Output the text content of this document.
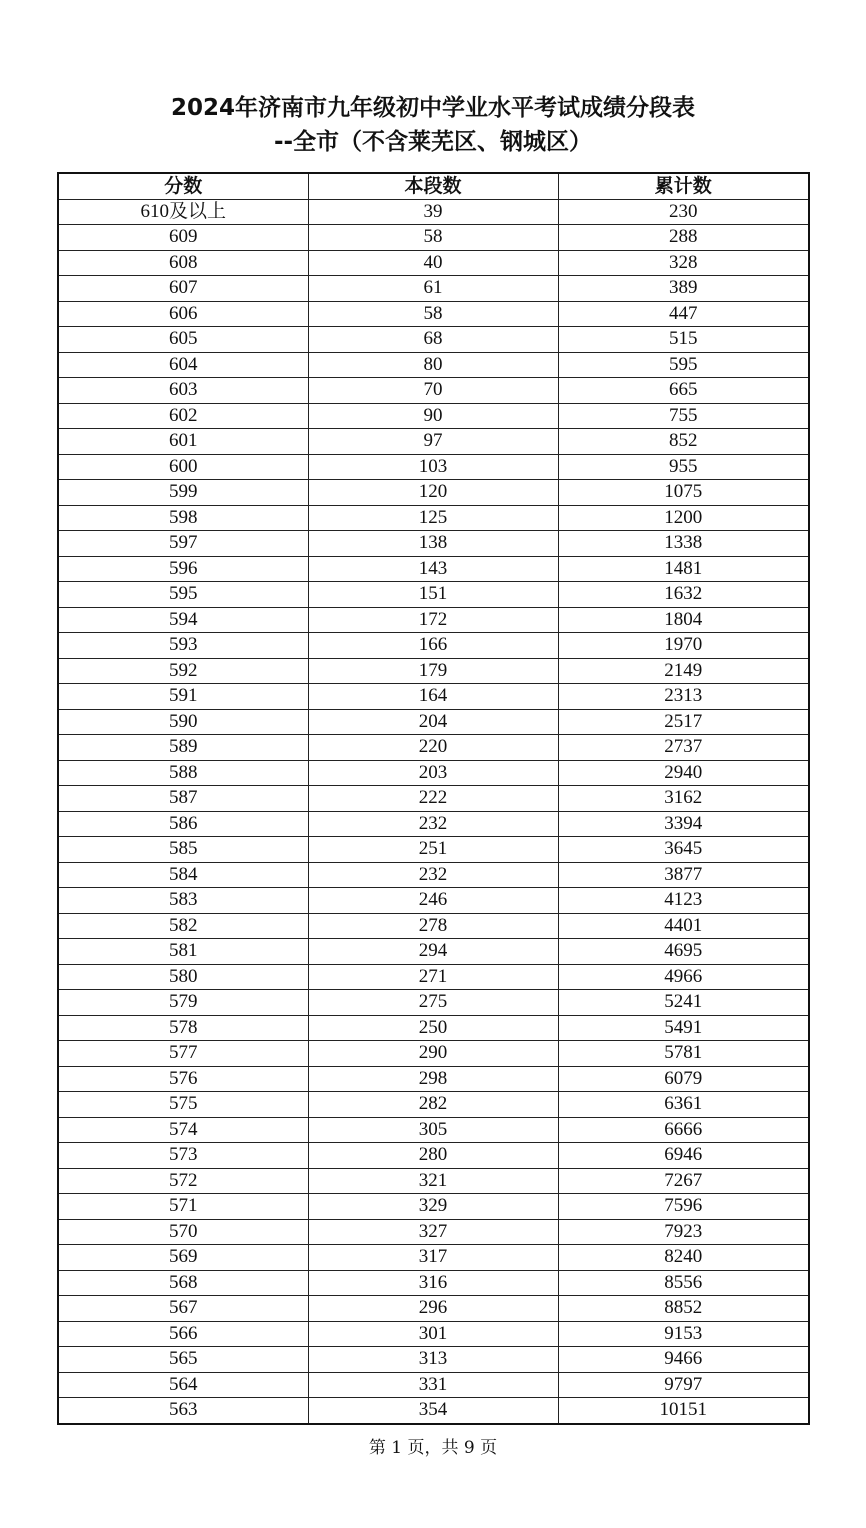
2024年济南市九年级初中学业水平考试成绩分段表
--全市（不含莱芜区、钢城区）
分数	本段数	累计数
610及以上	39	230
609	58	288
608	40	328
607	61	389
606	58	447
605	68	515
604	80	595
603	70	665
602	90	755
601	97	852
600	103	955
599	120	1075
598	125	1200
597	138	1338
596	143	1481
595	151	1632
594	172	1804
593	166	1970
592	179	2149
591	164	2313
590	204	2517
589	220	2737
588	203	2940
587	222	3162
586	232	3394
585	251	3645
584	232	3877
583	246	4123
582	278	4401
581	294	4695
580	271	4966
579	275	5241
578	250	5491
577	290	5781
576	298	6079
575	282	6361
574	305	6666
573	280	6946
572	321	7267
571	329	7596
570	327	7923
569	317	8240
568	316	8556
567	296	8852
566	301	9153
565	313	9466
564	331	9797
563	354	10151
第 1 页，共 9 页
